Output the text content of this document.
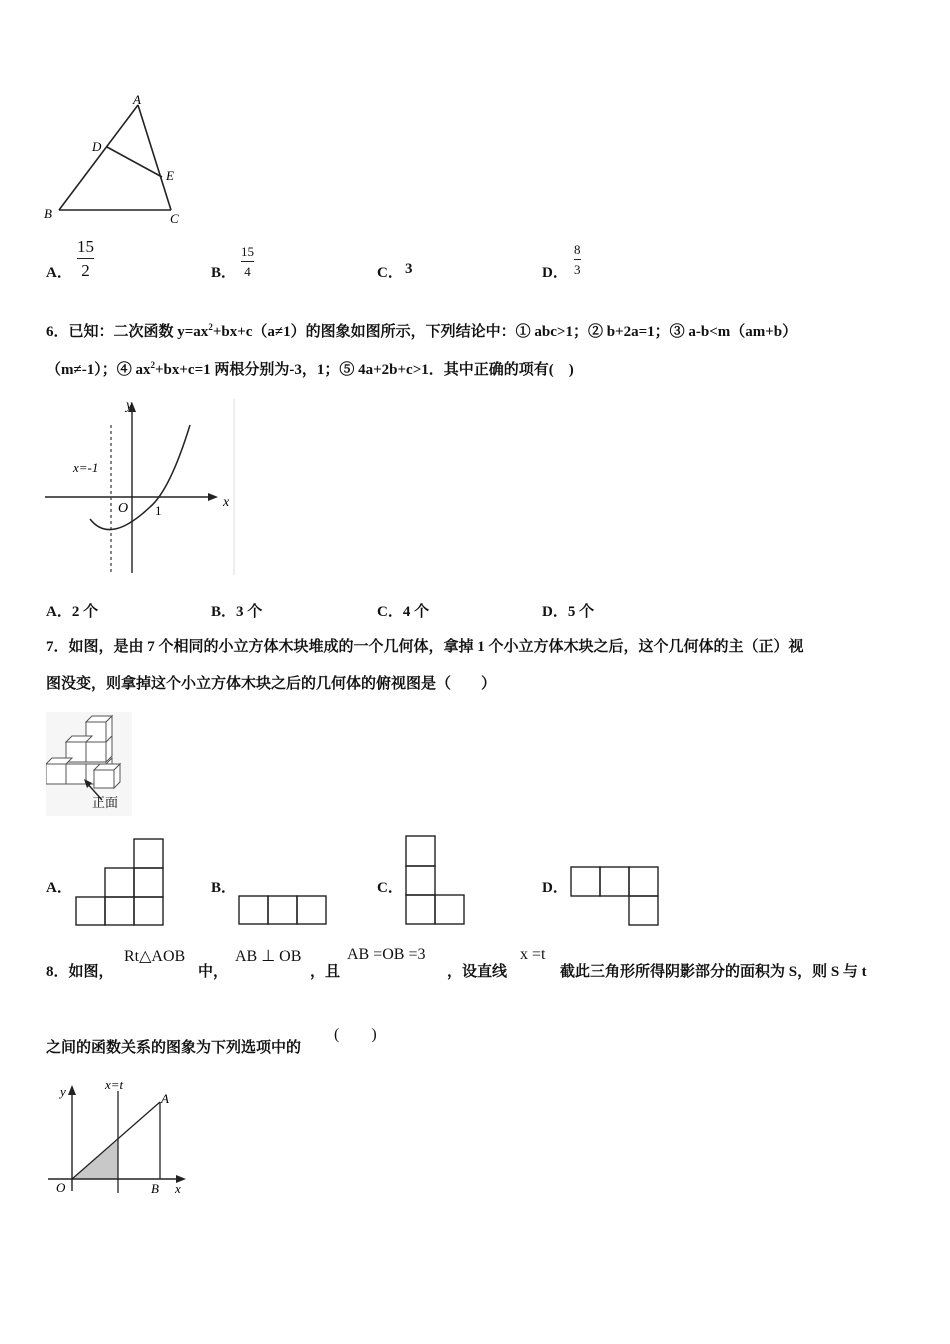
A
D
E
B	C
A．
15
2	B．
15
4	C． 3	D．
8
3
6．已知：二次函数 $y=ax^2+bx+c(a\ne 1)$的图象如图所示，下列结论中：① abc>1；② b+2a=1；③ a-b<m（am+b）
（m≠-1）；④ $ax^2+bx+c=1$ 两根分别为-3，1；⑤ 4a+2b+c>1．其中正确的项有(　)
y
x
O 1
x=-1
A．2 个	B．3 个	C．4 个	D．5 个
7．如图，是由 7 个相同的小立方体木块堆成的一个几何体，拿掉 1 个小立方体木块之后，这个几何体的主（正）视
图没变，则拿掉这个小立方体木块之后的几何体的俯视图是（　　）
正面
A．	B．	C．	D．
8．如图，
Rt△AOB
中，
AB ⊥ OB
，且
AB =OB =3
，设直线
x =t
截此三角形所得阴影部分的面积为 S，则 S 与 t
之间的函数关系的图象为下列选项中的
(　　)
y	x=t
A
O	B x
